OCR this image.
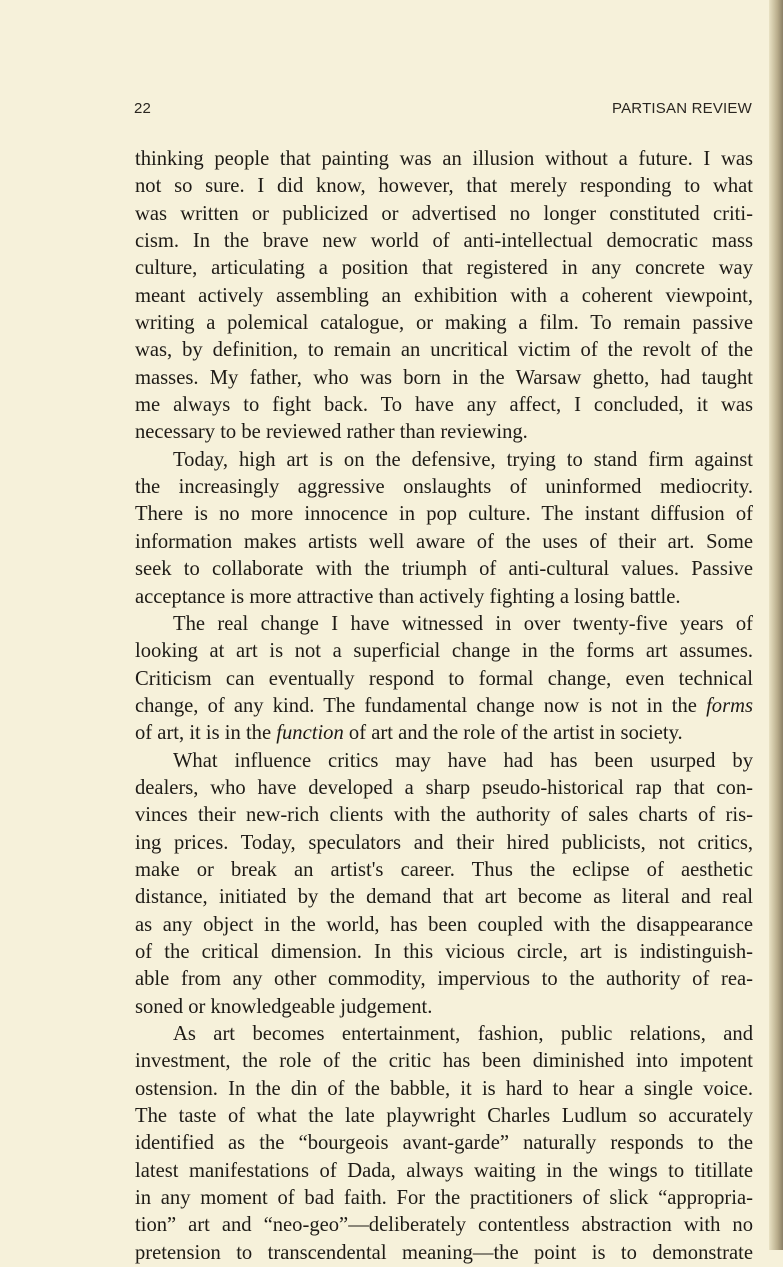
22	PARTISAN REVIEW
thinking people that painting was an illusion without a future. I was
not so sure. I did know, however, that merely responding to what
was written or publicized or advertised no longer constituted criti-
cism. In the brave new world of anti-intellectual democratic mass
culture, articulating a position that registered in any concrete way
meant actively assembling an exhibition with a coherent viewpoint,
writing a polemical catalogue, or making a film. To remain passive
was, by definition, to remain an uncritical victim of the revolt of the
masses. My father, who was born in the Warsaw ghetto, had taught
me always to fight back. To have any affect, I concluded, it was
necessary to be reviewed rather than reviewing.
Today, high art is on the defensive, trying to stand firm against
the increasingly aggressive onslaughts of uninformed mediocrity.
There is no more innocence in pop culture. The instant diffusion of
information makes artists well aware of the uses of their art. Some
seek to collaborate with the triumph of anti-cultural values. Passive
acceptance is more attractive than actively fighting a losing battle.
The real change I have witnessed in over twenty-five years of
looking at art is not a superficial change in the forms art assumes.
Criticism can eventually respond to formal change, even technical
change, of any kind. The fundamental change now is not in the forms
of art, it is in the function of art and the role of the artist in society.
What influence critics may have had has been usurped by
dealers, who have developed a sharp pseudo-historical rap that con-
vinces their new-rich clients with the authority of sales charts of ris-
ing prices. Today, speculators and their hired publicists, not critics,
make or break an artist's career. Thus the eclipse of aesthetic
distance, initiated by the demand that art become as literal and real
as any object in the world, has been coupled with the disappearance
of the critical dimension. In this vicious circle, art is indistinguish-
able from any other commodity, impervious to the authority of rea-
soned or knowledgeable judgement.
As art becomes entertainment, fashion, public relations, and
investment, the role of the critic has been diminished into impotent
ostension. In the din of the babble, it is hard to hear a single voice.
The taste of what the late playwright Charles Ludlum so accurately
identified as the “bourgeois avant-garde” naturally responds to the
latest manifestations of Dada, always waiting in the wings to titillate
in any moment of bad faith. For the practitioners of slick “appropria-
tion” art and “neo-geo”—deliberately contentless abstraction with no
pretension to transcendental meaning—the point is to demonstrate
